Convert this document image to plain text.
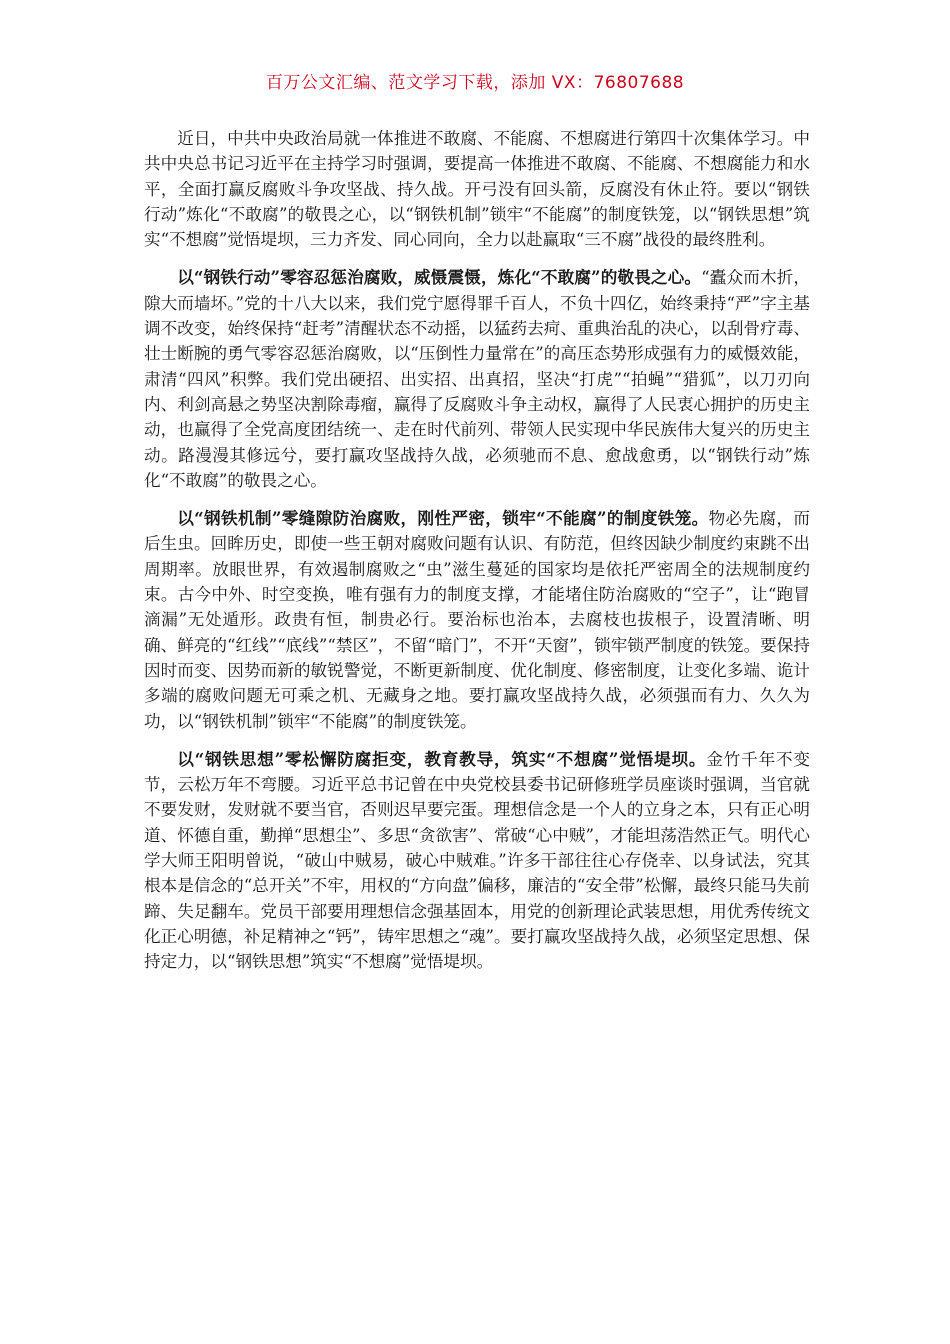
百万公文汇编、范文学习下载，添加 VX：76807688

近日，中共中央政治局就一体推进不敢腐、不能腐、不想腐进行第四十次集体学习。中共中央总书记习近平在主持学习时强调，要提高一体推进不敢腐、不能腐、不想腐能力和水平，全面打赢反腐败斗争攻坚战、持久战。开弓没有回头箭，反腐没有休止符。要以“钢铁行动”炼化“不敢腐”的敬畏之心，以“钢铁机制”锁牢“不能腐”的制度铁笼，以“钢铁思想”筑实“不想腐”觉悟堤坝，三力齐发、同心同向，全力以赴赢取“三不腐”战役的最终胜利。

以“钢铁行动”零容忍惩治腐败，威慑震慑，炼化“不敢腐”的敬畏之心。“蠹众而木折，隙大而墙坏。”党的十八大以来，我们党宁愿得罪千百人，不负十四亿，始终秉持“严”字主基调不改变，始终保持“赶考”清醒状态不动摇，以猛药去疴、重典治乱的决心，以刮骨疗毒、壮士断腕的勇气零容忍惩治腐败，以“压倒性力量常在”的高压态势形成强有力的威慑效能，肃清“四风”积弊。我们党出硬招、出实招、出真招，坚决“打虎”“拍蝇”“猎狐”，以刀刃向内、利剑高悬之势坚决割除毒瘤，赢得了反腐败斗争主动权，赢得了人民衷心拥护的历史主动，也赢得了全党高度团结统一、走在时代前列、带领人民实现中华民族伟大复兴的历史主动。路漫漫其修远兮，要打赢攻坚战持久战，必须驰而不息、愈战愈勇，以“钢铁行动”炼化“不敢腐”的敬畏之心。

以“钢铁机制”零缝隙防治腐败，刚性严密，锁牢“不能腐”的制度铁笼。物必先腐，而后生虫。回眸历史，即使一些王朝对腐败问题有认识、有防范，但终因缺少制度约束跳不出周期率。放眼世界，有效遏制腐败之“虫”滋生蔓延的国家均是依托严密周全的法规制度约束。古今中外、时空变换，唯有强有力的制度支撑，才能堵住防治腐败的“空子”，让“跑冒滴漏”无处遁形。政贵有恒，制贵必行。要治标也治本，去腐枝也拔根子，设置清晰、明确、鲜亮的“红线”“底线”“禁区”，不留“暗门”，不开“天窗”，锁牢锁严制度的铁笼。要保持因时而变、因势而新的敏锐警觉，不断更新制度、优化制度、修密制度，让变化多端、诡计多端的腐败问题无可乘之机、无藏身之地。要打赢攻坚战持久战，必须强而有力、久久为功，以“钢铁机制”锁牢“不能腐”的制度铁笼。

以“钢铁思想”零松懈防腐拒变，教育教导，筑实“不想腐”觉悟堤坝。金竹千年不变节，云松万年不弯腰。习近平总书记曾在中央党校县委书记研修班学员座谈时强调，当官就不要发财，发财就不要当官，否则迟早要完蛋。理想信念是一个人的立身之本，只有正心明道、怀德自重，勤掸“思想尘”、多思“贪欲害”、常破“心中贼”，才能坦荡浩然正气。明代心学大师王阳明曾说，“破山中贼易，破心中贼难。”许多干部往往心存侥幸、以身试法，究其根本是信念的“总开关”不牢，用权的“方向盘”偏移，廉洁的“安全带”松懈，最终只能马失前蹄、失足翻车。党员干部要用理想信念强基固本，用党的创新理论武装思想，用优秀传统文化正心明德，补足精神之“钙”，铸牢思想之“魂”。要打赢攻坚战持久战，必须坚定思想、保持定力，以“钢铁思想”筑实“不想腐”觉悟堤坝。
